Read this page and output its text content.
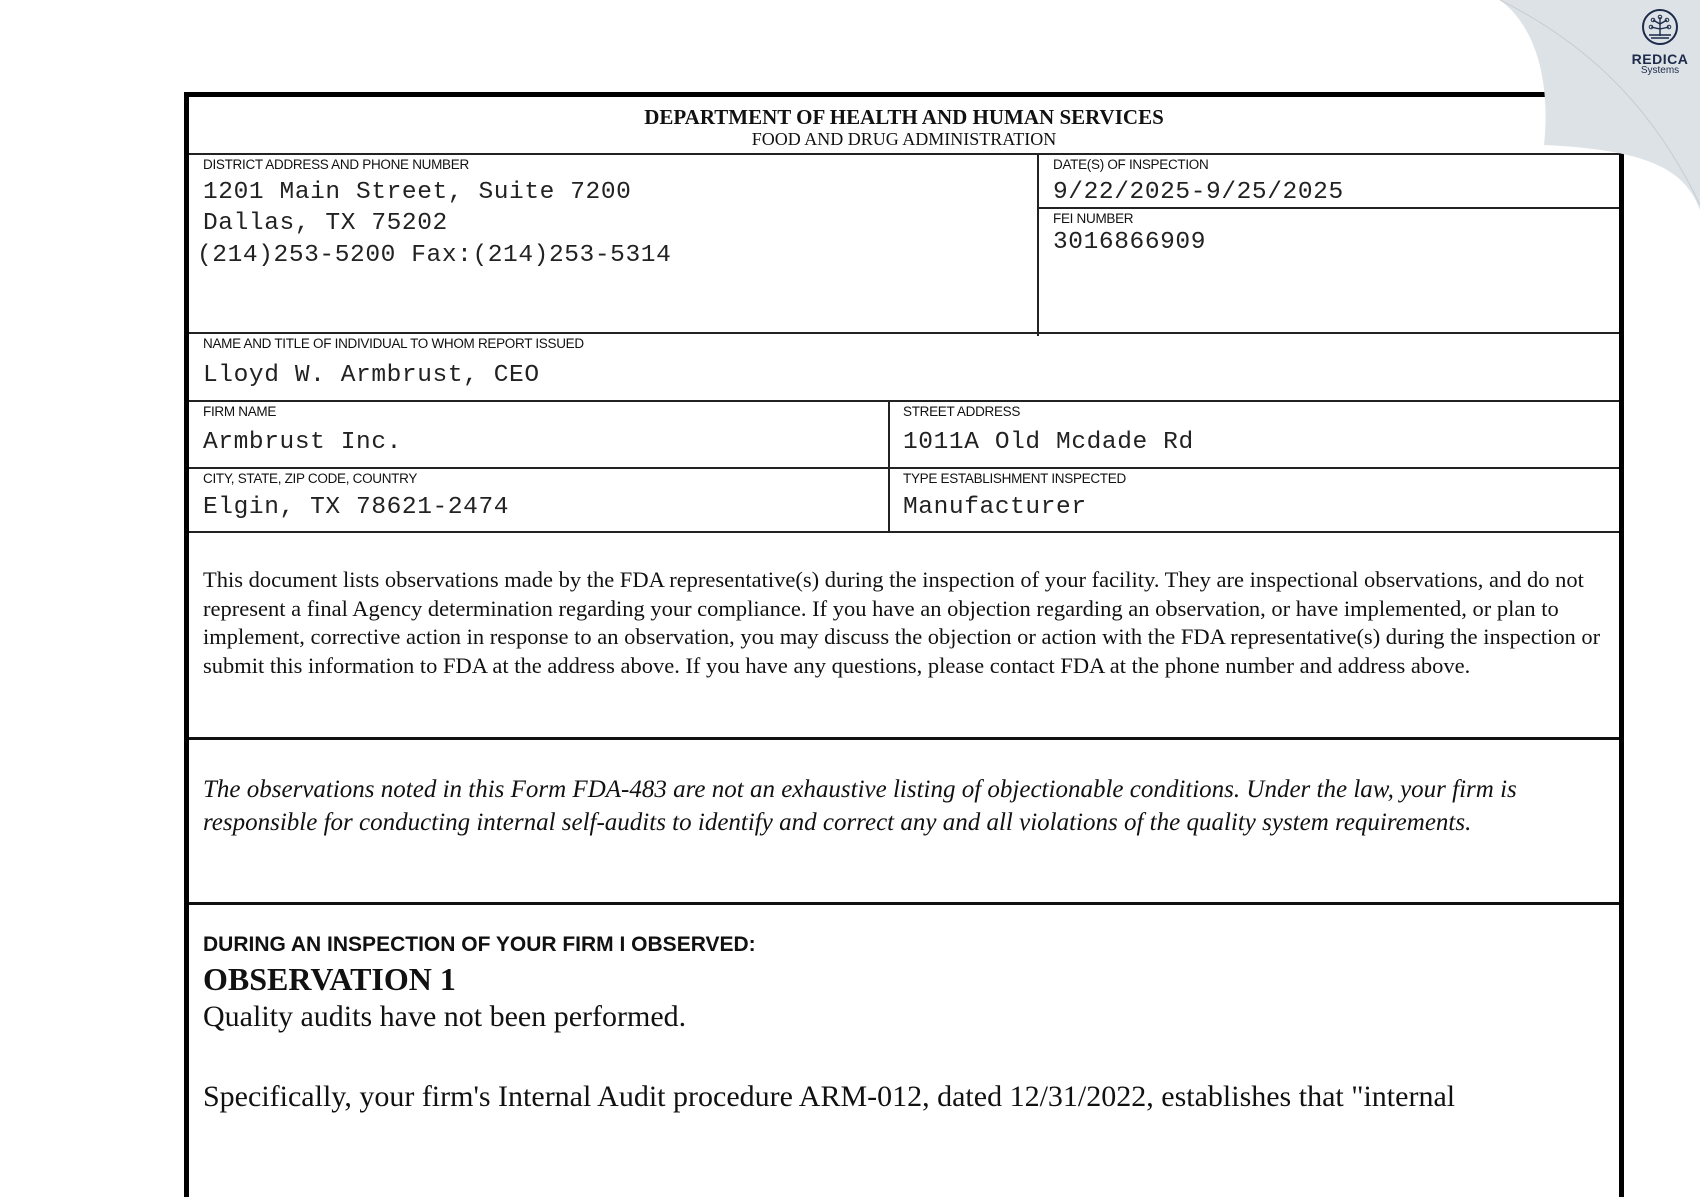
DEPARTMENT OF HEALTH AND HUMAN SERVICES
FOOD AND DRUG ADMINISTRATION
DISTRICT ADDRESS AND PHONE NUMBER
1201 Main Street, Suite 7200
Dallas, TX 75202
(214)253-5200 Fax:(214)253-5314
DATE(S) OF INSPECTION
9/22/2025-9/25/2025
FEI NUMBER
3016866909
NAME AND TITLE OF INDIVIDUAL TO WHOM REPORT ISSUED
Lloyd W. Armbrust, CEO
FIRM NAME
Armbrust Inc.
STREET ADDRESS
1011A Old Mcdade Rd
CITY, STATE, ZIP CODE, COUNTRY
Elgin, TX 78621-2474
TYPE ESTABLISHMENT INSPECTED
Manufacturer
This document lists observations made by the FDA representative(s) during the inspection of your facility. They are inspectional observations, and do not represent a final Agency determination regarding your compliance. If you have an objection regarding an observation, or have implemented, or plan to implement, corrective action in response to an observation, you may discuss the objection or action with the FDA representative(s) during the inspection or submit this information to FDA at the address above. If you have any questions, please contact FDA at the phone number and address above.
The observations noted in this Form FDA-483 are not an exhaustive listing of objectionable conditions. Under the law, your firm is responsible for conducting internal self-audits to identify and correct any and all violations of the quality system requirements.
DURING AN INSPECTION OF YOUR FIRM I OBSERVED:
OBSERVATION 1
Quality audits have not been performed.
Specifically, your firm's Internal Audit procedure ARM-012, dated 12/31/2022, establishes that "internal
REDICA
Systems
